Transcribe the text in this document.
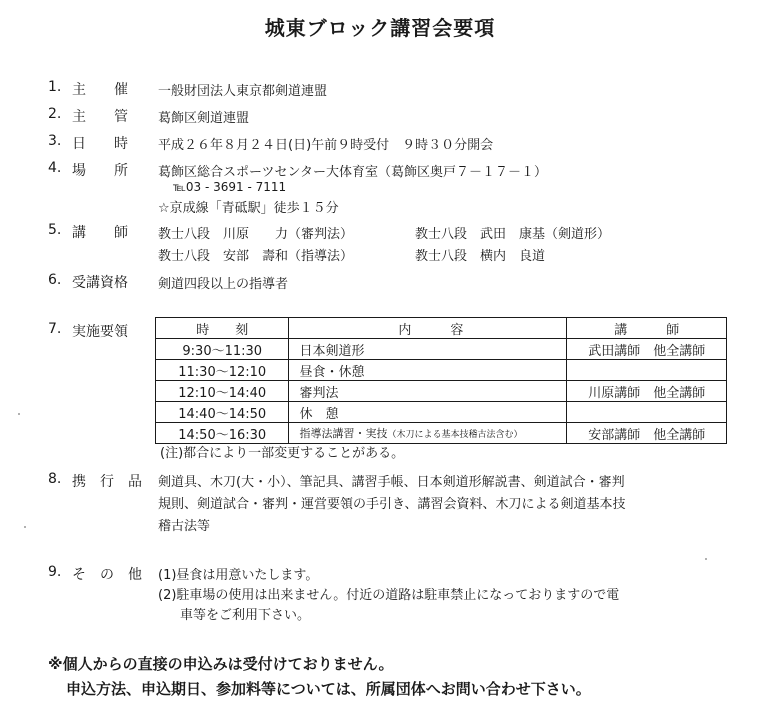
城東ブロック講習会要項
1. 主　　催 一般財団法人東京都剣道連盟
2. 主　　管 葛飾区剣道連盟
3. 日　　時 平成２６年８月２４日(日)午前９時受付　９時３０分開会
4. 場　　所 葛飾区総合スポーツセンター大体育室（葛飾区奥戸７－１７－１）
℡03 - 3691 - 7111
☆京成線「青砥駅」徒歩１５分
5. 講　　師 教士八段　川原　　力（審判法）	教士八段　武田　康基（剣道形）
教士八段　安部　壽和（指導法）	教士八段　横内　良道
6. 受講資格 剣道四段以上の指導者
7. 実施要領	時　　刻	内　　　容	講　　　師
9:30～11:30	日本剣道形	武田講師　他全講師
11:30～12:10	昼食・休憩	
12:10～14:40	審判法	川原講師　他全講師
14:40～14:50	休　憩	
14:50～16:30	指導法講習・実技（木刀による基本技稽古法含む）	安部講師　他全講師
(注)都合により一部変更することがある。
8. 携　行　品 剣道具、木刀(大・小）、筆記具、講習手帳、日本剣道形解説書、剣道試合・審判
規則、剣道試合・審判・運営要領の手引き、講習会資料、木刀による剣道基本技
稽古法等
9. そ　の　他 (1)昼食は用意いたします。
(2)駐車場の使用は出来ません。付近の道路は駐車禁止になっておりますので電
車等をご利用下さい。
※個人からの直接の申込みは受付けておりません。
申込方法、申込期日、参加料等については、所属団体へお問い合わせ下さい。
